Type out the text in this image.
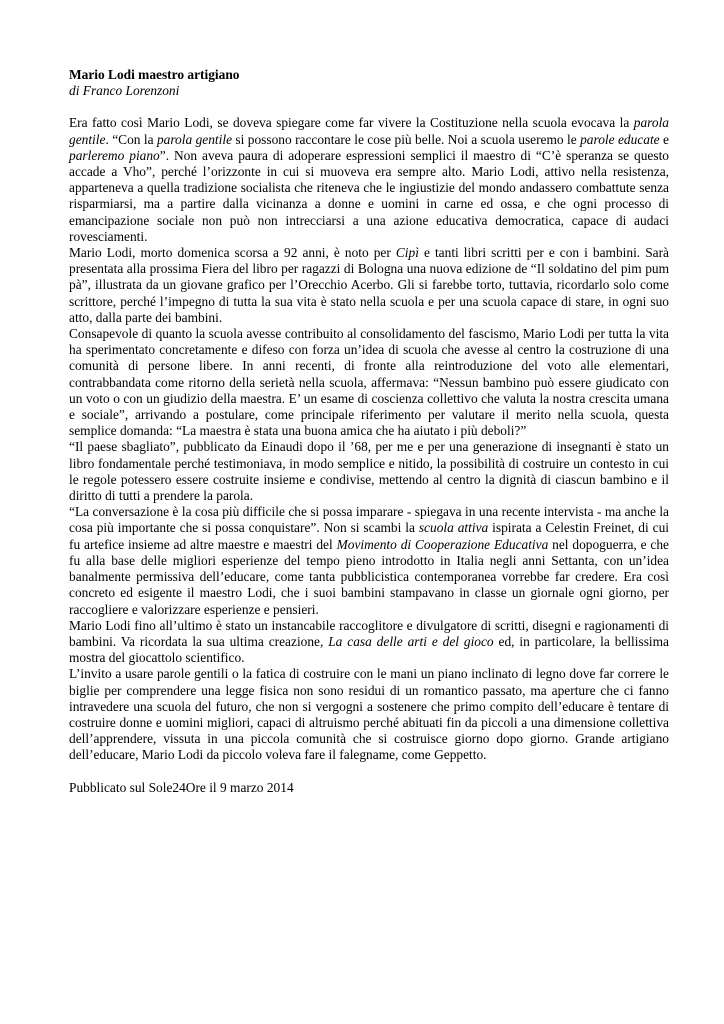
Mario Lodi maestro artigiano

di Franco Lorenzoni

Era fatto così Mario Lodi, se doveva spiegare come far vivere la Costituzione nella scuola evocava la parola gentile. “Con la parola gentile si possono raccontare le cose più belle. Noi a scuola useremo le parole educate e parleremo piano”. Non aveva paura di adoperare espressioni semplici il maestro di “C’è speranza se questo accade a Vho”, perché l’orizzonte in cui si muoveva era sempre alto. Mario Lodi, attivo nella resistenza, apparteneva a quella tradizione socialista che riteneva che le ingiustizie del mondo andassero combattute senza risparmiarsi, ma a partire dalla vicinanza a donne e uomini in carne ed ossa, e che ogni processo di emancipazione sociale non può non intrecciarsi a una azione educativa democratica, capace di audaci rovesciamenti.

Mario Lodi, morto domenica scorsa a 92 anni, è noto per Cipì e tanti libri scritti per e con i bambini. Sarà presentata alla prossima Fiera del libro per ragazzi di Bologna una nuova edizione de “Il soldatino del pim pum pà”, illustrata da un giovane grafico per l’Orecchio Acerbo. Gli si farebbe torto, tuttavia, ricordarlo solo come scrittore, perché l’impegno di tutta la sua vita è stato nella scuola e per una scuola capace di stare, in ogni suo atto, dalla parte dei bambini.

Consapevole di quanto la scuola avesse contribuito al consolidamento del fascismo, Mario Lodi per tutta la vita ha sperimentato concretamente e difeso con forza un’idea di scuola che avesse al centro la costruzione di una comunità di persone libere. In anni recenti, di fronte alla reintroduzione del voto alle elementari, contrabbandata come ritorno della serietà nella scuola, affermava: “Nessun bambino può essere giudicato con un voto o con un giudizio della maestra. E’ un esame di coscienza collettivo che valuta la nostra crescita umana e sociale”, arrivando a postulare, come principale riferimento per valutare il merito nella scuola, questa semplice domanda: “La maestra è stata una buona amica che ha aiutato i più deboli?”

“Il paese sbagliato”, pubblicato da Einaudi dopo il ’68, per me e per una generazione di insegnanti è stato un libro fondamentale perché testimoniava, in modo semplice e nitido, la possibilità di costruire un contesto in cui le regole potessero essere costruite insieme e condivise, mettendo al centro la dignità di ciascun bambino e il diritto di tutti a prendere la parola.

“La conversazione è la cosa più difficile che si possa imparare - spiegava in una recente intervista - ma anche la cosa più importante che si possa conquistare”. Non si scambi la scuola attiva ispirata a Celestin Freinet, di cui fu artefice insieme ad altre maestre e maestri del Movimento di Cooperazione Educativa nel dopoguerra, e che fu alla base delle migliori esperienze del tempo pieno introdotto in Italia negli anni Settanta, con un’idea banalmente permissiva dell’educare, come tanta pubblicistica contemporanea vorrebbe far credere. Era così concreto ed esigente il maestro Lodi, che i suoi bambini stampavano in classe un giornale ogni giorno, per raccogliere e valorizzare esperienze e pensieri.

Mario Lodi fino all’ultimo è stato un instancabile raccoglitore e divulgatore di scritti, disegni e ragionamenti di bambini. Va ricordata la sua ultima creazione, La casa delle arti e del gioco ed, in particolare, la bellissima mostra del giocattolo scientifico.

L’invito a usare parole gentili o la fatica di costruire con le mani un piano inclinato di legno dove far correre le biglie per comprendere una legge fisica non sono residui di un romantico passato, ma aperture che ci fanno intravedere una scuola del futuro, che non si vergogni a sostenere che primo compito dell’educare è tentare di costruire donne e uomini migliori, capaci di altruismo perché abituati fin da piccoli a una dimensione collettiva dell’apprendere, vissuta in una piccola comunità che si costruisce giorno dopo giorno. Grande artigiano dell’educare, Mario Lodi da piccolo voleva fare il falegname, come Geppetto.

Pubblicato sul Sole24Ore il 9 marzo 2014
